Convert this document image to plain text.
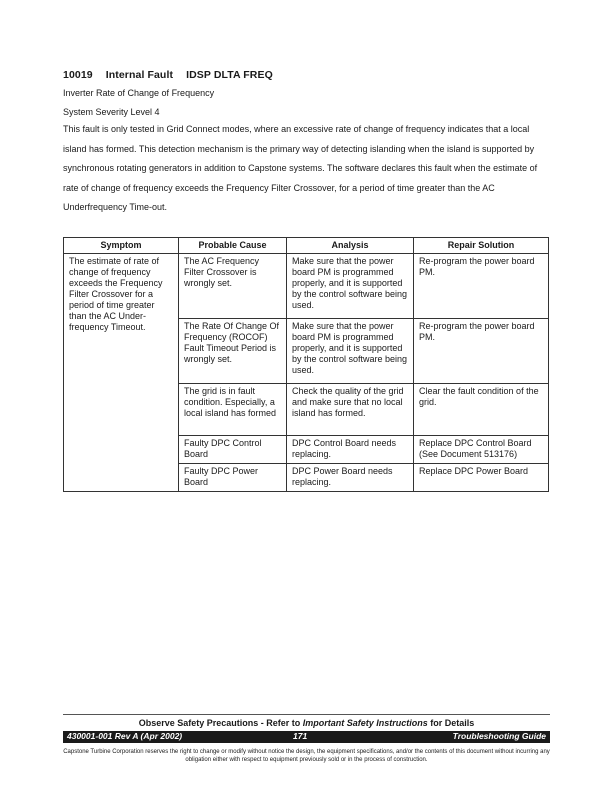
10019 Internal Fault IDSP DLTA FREQ
Inverter Rate of Change of Frequency
System Severity Level 4
This fault is only tested in Grid Connect modes, where an excessive rate of change of frequency indicates that a local island has formed. This detection mechanism is the primary way of detecting islanding when the island is supported by synchronous rotating generators in addition to Capstone systems. The software declares this fault when the estimate of rate of change of frequency exceeds the Frequency Filter Crossover, for a period of time greater than the AC Underfrequency Time-out.
Symptom	Probable Cause	Analysis	Repair Solution
The estimate of rate of change of frequency exceeds the Frequency Filter Crossover for a period of time greater than the AC Under-frequency Timeout.	The AC Frequency Filter Crossover is wrongly set.	Make sure that the power board PM is programmed properly, and it is supported by the control software being used.	Re-program the power board PM.
	The Rate Of Change Of Frequency (ROCOF) Fault Timeout Period is wrongly set.	Make sure that the power board PM is programmed properly, and it is supported by the control software being used.	Re-program the power board PM.
	The grid is in fault condition. Especially, a local island has formed	Check the quality of the grid and make sure that no local island has formed.	Clear the fault condition of the grid.
	Faulty DPC Control Board	DPC Control Board needs replacing.	Replace DPC Control Board (See Document 513176)
	Faulty DPC Power Board	DPC Power Board needs replacing.	Replace DPC Power Board
Observe Safety Precautions - Refer to Important Safety Instructions for Details
430001-001 Rev A (Apr 2002)	171	Troubleshooting Guide
Capstone Turbine Corporation reserves the right to change or modify without notice the design, the equipment specifications, and/or the contents of this document without incurring any obligation either with respect to equipment previously sold or in the process of construction.
